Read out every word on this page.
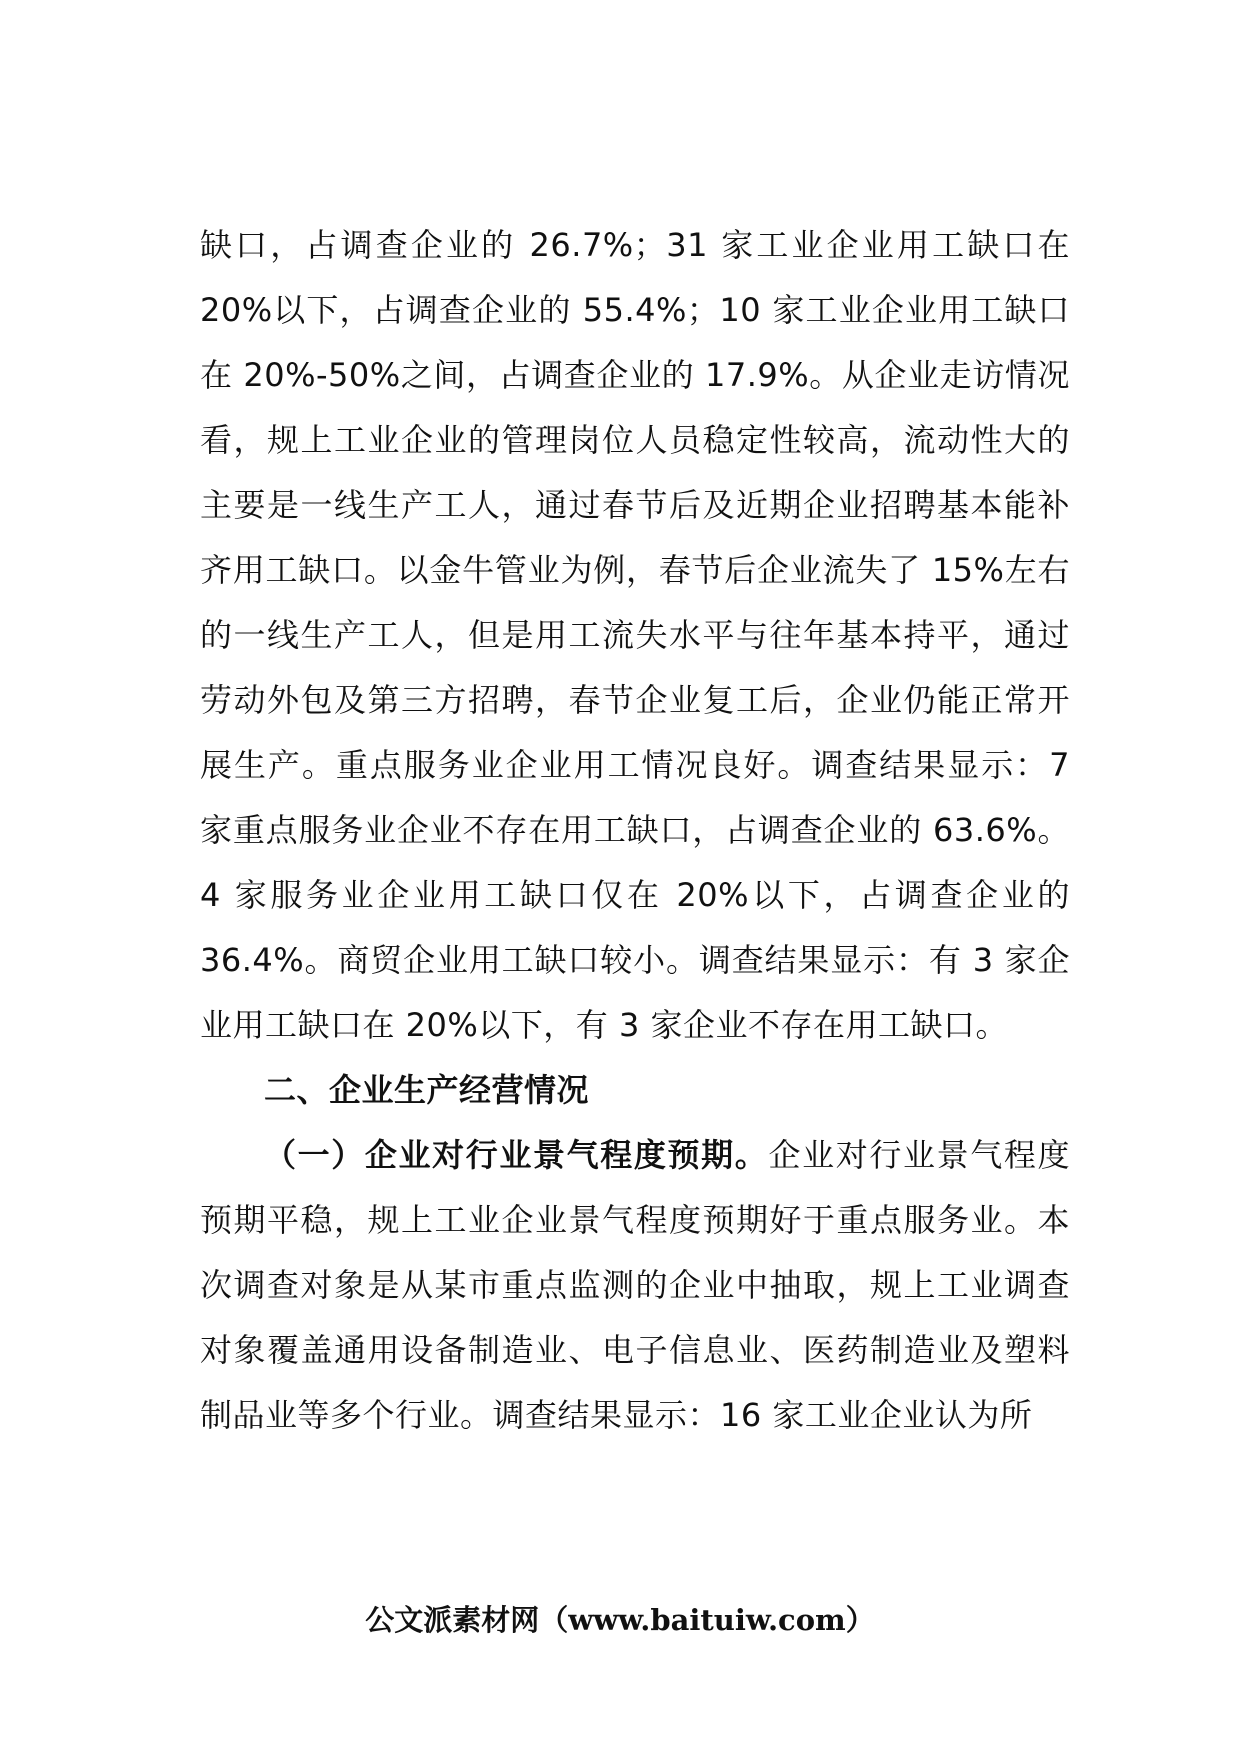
缺口，占调查企业的 26.7%；31 家工业企业用工缺口在 20%以下，占调查企业的 55.4%；10 家工业企业用工缺口在 20%-50%之间，占调查企业的 17.9%。从企业走访情况看，规上工业企业的管理岗位人员稳定性较高，流动性大的主要是一线生产工人，通过春节后及近期企业招聘基本能补齐用工缺口。以金牛管业为例，春节后企业流失了 15%左右的一线生产工人，但是用工流失水平与往年基本持平，通过劳动外包及第三方招聘，春节企业复工后，企业仍能正常开展生产。重点服务业企业用工情况良好。调查结果显示：7 家重点服务业企业不存在用工缺口，占调查企业的 63.6%。4 家服务业企业用工缺口仅在 20%以下，占调查企业的 36.4%。商贸企业用工缺口较小。调查结果显示：有 3 家企业用工缺口在 20%以下，有 3 家企业不存在用工缺口。

二、企业生产经营情况

（一）企业对行业景气程度预期。企业对行业景气程度预期平稳，规上工业企业景气程度预期好于重点服务业。本次调查对象是从某市重点监测的企业中抽取，规上工业调查对象覆盖通用设备制造业、电子信息业、医药制造业及塑料制品业等多个行业。调查结果显示：16 家工业企业认为所

公文派素材网（www.baituiw.com）
